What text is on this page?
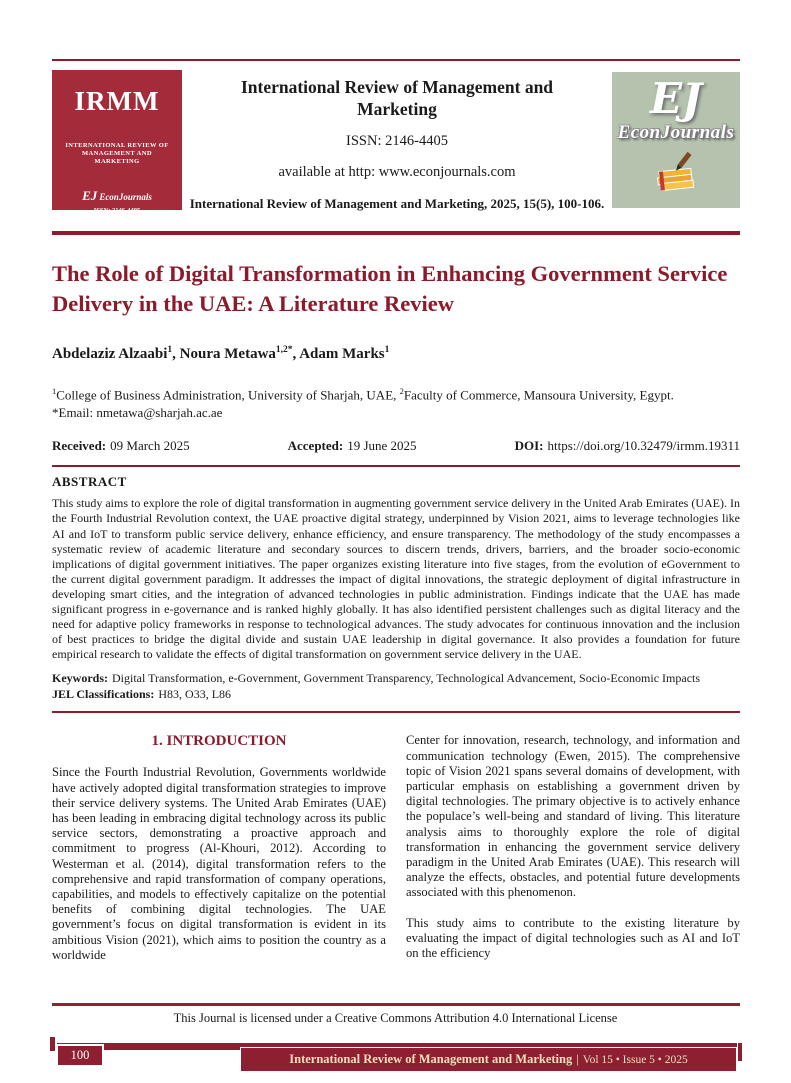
IRMM
INTERNATIONAL REVIEW OF MANAGEMENT AND MARKETING
EJ EconJournals
ISSN: 2146-4405
International Review of Management and Marketing
ISSN: 2146-4405
available at http: www.econjournals.com
International Review of Management and Marketing, 2025, 15(5), 100-106.
EJ
EconJournals
The Role of Digital Transformation in Enhancing Government Service Delivery in the UAE: A Literature Review
Abdelaziz Alzaabi$^1$, Noura Metawa$^{1,2*}$, Adam Marks$^1$
$^1$College of Business Administration, University of Sharjah, UAE, $^2$Faculty of Commerce, Mansoura University, Egypt.
*Email: nmetawa@sharjah.ac.ae
Received: 09 March 2025	Accepted: 19 June 2025	DOI: https://doi.org/10.32479/irmm.19311
ABSTRACT

This study aims to explore the role of digital transformation in augmenting government service delivery in the United Arab Emirates (UAE). In the Fourth Industrial Revolution context, the UAE proactive digital strategy, underpinned by Vision 2021, aims to leverage technologies like AI and IoT to transform public service delivery, enhance efficiency, and ensure transparency. The methodology of the study encompasses a systematic review of academic literature and secondary sources to discern trends, drivers, barriers, and the broader socio-economic implications of digital government initiatives. The paper organizes existing literature into five stages, from the evolution of eGovernment to the current digital government paradigm. It addresses the impact of digital innovations, the strategic deployment of digital infrastructure in developing smart cities, and the integration of advanced technologies in public administration. Findings indicate that the UAE has made significant progress in e-governance and is ranked highly globally. It has also identified persistent challenges such as digital literacy and the need for adaptive policy frameworks in response to technological advances. The study advocates for continuous innovation and the inclusion of best practices to bridge the digital divide and sustain UAE leadership in digital governance. It also provides a foundation for future empirical research to validate the effects of digital transformation on government service delivery in the UAE.

Keywords: Digital Transformation, e-Government, Government Transparency, Technological Advancement, Socio-Economic Impacts
JEL Classifications: H83, O33, L86
1. INTRODUCTION

Since the Fourth Industrial Revolution, Governments worldwide have actively adopted digital transformation strategies to improve their service delivery systems. The United Arab Emirates (UAE) has been leading in embracing digital technology across its public service sectors, demonstrating a proactive approach and commitment to progress (Al-Khouri, 2012). According to Westerman et al. (2014), digital transformation refers to the comprehensive and rapid transformation of company operations, capabilities, and models to effectively capitalize on the potential benefits of combining digital technologies. The UAE government’s focus on digital transformation is evident in its ambitious Vision (2021), which aims to position the country as a worldwide

Center for innovation, research, technology, and information and communication technology (Ewen, 2015). The comprehensive topic of Vision 2021 spans several domains of development, with particular emphasis on establishing a government driven by digital technologies. The primary objective is to actively enhance the populace’s well-being and standard of living. This literature analysis aims to thoroughly explore the role of digital transformation in enhancing the government service delivery paradigm in the United Arab Emirates (UAE). This research will analyze the effects, obstacles, and potential future developments associated with this phenomenon.

This study aims to contribute to the existing literature by evaluating the impact of digital technologies such as AI and IoT on the efficiency

This Journal is licensed under a Creative Commons Attribution 4.0 International License
100	International Review of Management and Marketing | Vol 15 • Issue 5 • 2025
